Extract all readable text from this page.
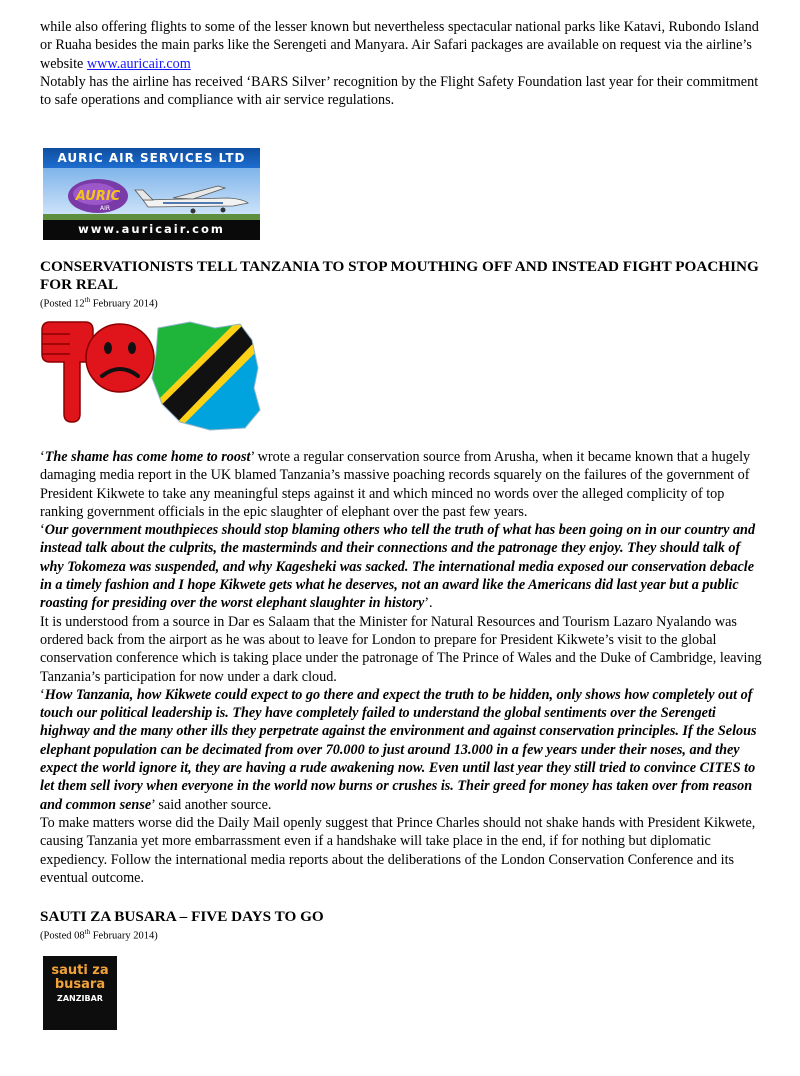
while also offering flights to some of the lesser known but nevertheless spectacular national parks like Katavi, Rubondo Island or Ruaha besides the main parks like the Serengeti and Manyara. Air Safari packages are available on request via the airline’s website www.auricair.com

Notably has the airline has received ‘BARS Silver’ recognition by the Flight Safety Foundation last year for their commitment to safe operations and compliance with air service regulations.

AURIC AIR SERVICES LTD
AURIC
AIR
www.auricair.com
CONSERVATIONISTS TELL TANZANIA TO STOP MOUTHING OFF AND INSTEAD FIGHT POACHING FOR REAL

(Posted 12th February 2014)

‘The shame has come home to roost’ wrote a regular conservation source from Arusha, when it became known that a hugely damaging media report in the UK blamed Tanzania’s massive poaching records squarely on the failures of the government of President Kikwete to take any meaningful steps against it and which minced no words over the alleged complicity of top ranking government officials in the epic slaughter of elephant over the past few years.

‘Our government mouthpieces should stop blaming others who tell the truth of what has been going on in our country and instead talk about the culprits, the masterminds and their connections and the patronage they enjoy. They should talk of why Tokomeza was suspended, and why Kagesheki was sacked. The international media exposed our conservation debacle in a timely fashion and I hope Kikwete gets what he deserves, not an award like the Americans did last year but a public roasting for presiding over the worst elephant slaughter in history’.

It is understood from a source in Dar es Salaam that the Minister for Natural Resources and Tourism Lazaro Nyalando was ordered back from the airport as he was about to leave for London to prepare for President Kikwete’s visit to the global conservation conference which is taking place under the patronage of The Prince of Wales and the Duke of Cambridge, leaving Tanzania’s participation for now under a dark cloud.

‘How Tanzania, how Kikwete could expect to go there and expect the truth to be hidden, only shows how completely out of touch our political leadership is. They have completely failed to understand the global sentiments over the Serengeti highway and the many other ills they perpetrate against the environment and against conservation principles. If the Selous elephant population can be decimated from over 70.000 to just around 13.000 in a few years under their noses, and they expect the world ignore it, they are having a rude awakening now. Even until last year they still tried to convince CITES to let them sell ivory when everyone in the world now burns or crushes is. Their greed for money has taken over from reason and common sense’ said another source.

To make matters worse did the Daily Mail openly suggest that Prince Charles should not shake hands with President Kikwete, causing Tanzania yet more embarrassment even if a handshake will take place in the end, if for nothing but diplomatic expediency. Follow the international media reports about the deliberations of the London Conservation Conference and its eventual outcome.

SAUTI ZA BUSARA – FIVE DAYS TO GO

(Posted 08th February 2014)

sauti za
busara
ZANZIBAR
